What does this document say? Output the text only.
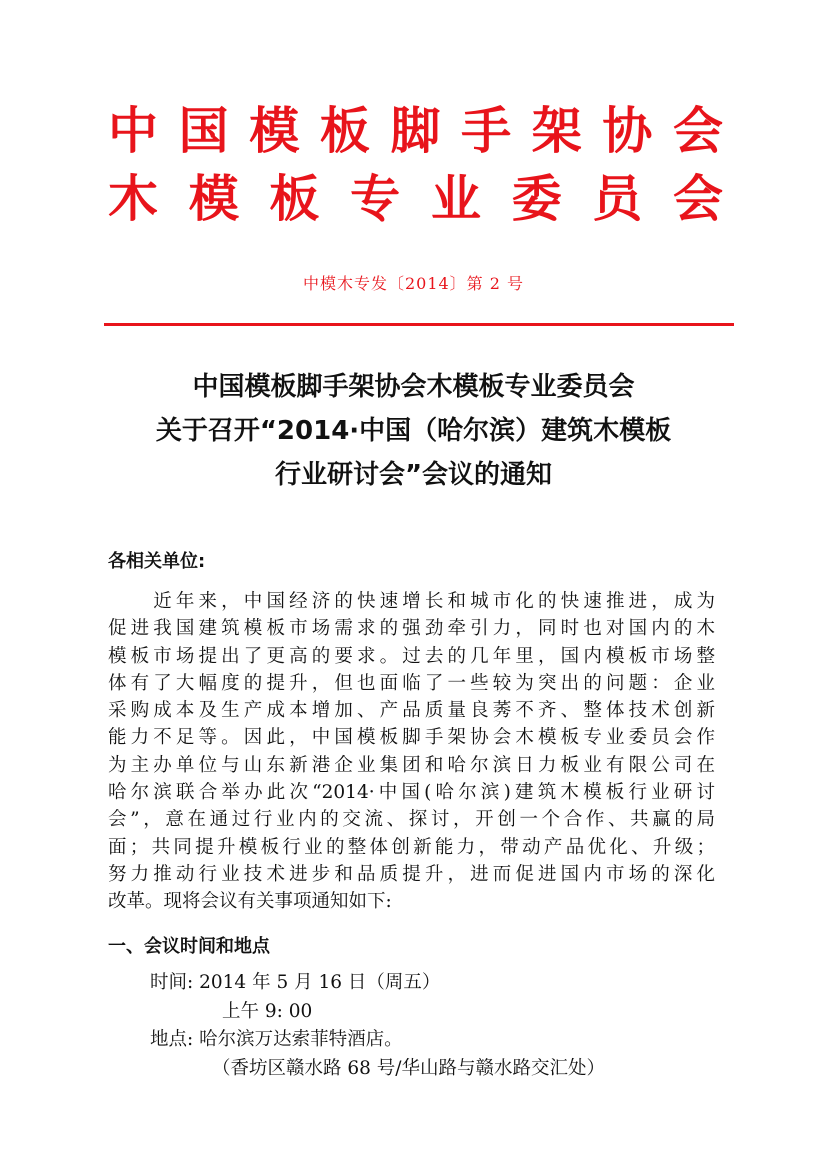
中 国 模 板 脚 手 架 协 会
木 模 板 专 业 委 员 会
中模木专发〔2014〕第 2 号
中国模板脚手架协会木模板专业委员会
关于召开“2014·中国（哈尔滨）建筑木模板
行业研讨会”会议的通知
各相关单位:
　　近年来，中国经济的快速增长和城市化的快速推进，成为
促进我国建筑模板市场需求的强劲牵引力，同时也对国内的木
模板市场提出了更高的要求。过去的几年里，国内模板市场整
体有了大幅度的提升，但也面临了一些较为突出的问题：企业
采购成本及生产成本增加、产品质量良莠不齐、整体技术创新
能力不足等。因此，中国模板脚手架协会木模板专业委员会作
为主办单位与山东新港企业集团和哈尔滨日力板业有限公司在
哈尔滨联合举办此次“2014·中国(哈尔滨)建筑木模板行业研讨
会”，意在通过行业内的交流、探讨，开创一个合作、共赢的局
面；共同提升模板行业的整体创新能力，带动产品优化、升级；
努力推动行业技术进步和品质提升，进而促进国内市场的深化
改革。现将会议有关事项通知如下:
一、会议时间和地点
时间: 2014 年 5 月 16 日（周五）
上午 9: 00
地点: 哈尔滨万达索菲特酒店。
（香坊区赣水路 68 号/华山路与赣水路交汇处）
